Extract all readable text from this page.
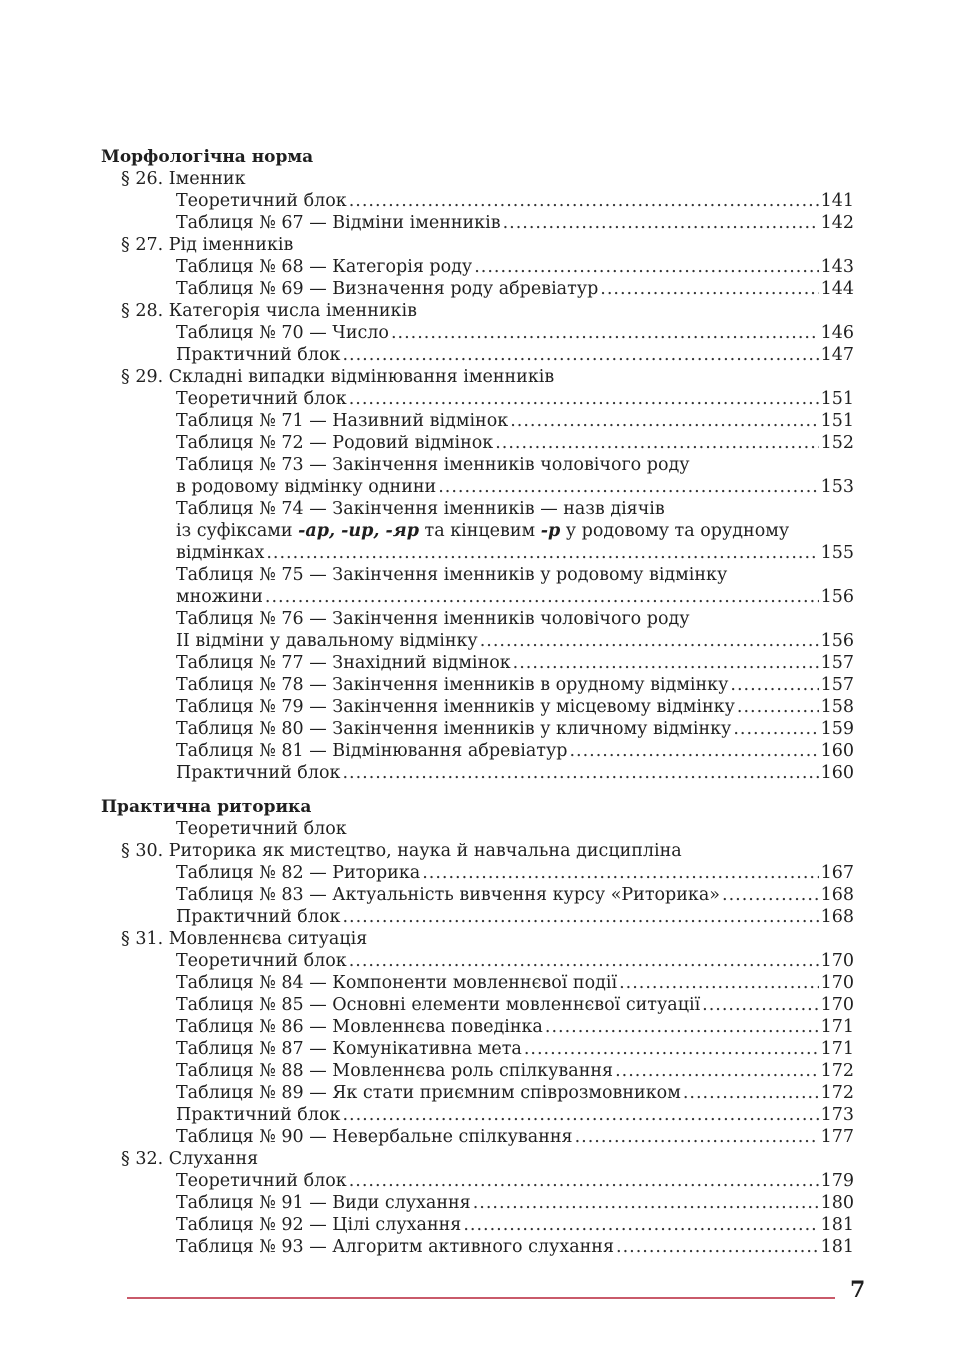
Морфологічна норма
§ 26. Іменник
Теоретичний блок .....	141
Таблиця № 67 — Відміни іменників .....	142
§ 27. Рід іменників
Таблиця № 68 — Категорія роду .....	143
Таблиця № 69 — Визначення роду абревіатур .....	144
§ 28. Категорія числа іменників
Таблиця № 70 — Число .....	146
Практичний блок .....	147
§ 29. Складні випадки відмінювання іменників
Теоретичний блок .....	151
Таблиця № 71 — Називний відмінок .....	151
Таблиця № 72 — Родовий відмінок .....	152
Таблиця № 73 — Закінчення іменників чоловічого роду
в родовому відмінку однини .....	153
Таблиця № 74 — Закінчення іменників — назв діячів
із суфіксами -ар, -ир, -яр та кінцевим -р у родовому та орудному
відмінках .....	155
Таблиця № 75 — Закінчення іменників у родовому відмінку
множини .....	156
Таблиця № 76 — Закінчення іменників чоловічого роду
II відміни у давальному відмінку .....	156
Таблиця № 77 — Знахідний відмінок .....	157
Таблиця № 78 — Закінчення іменників в орудному відмінку .....	157
Таблиця № 79 — Закінчення іменників у місцевому відмінку .....	158
Таблиця № 80 — Закінчення іменників у кличному відмінку .....	159
Таблиця № 81 — Відмінювання абревіатур .....	160
Практичний блок .....	160
Практична риторика
Теоретичний блок
§ 30. Риторика як мистецтво, наука й навчальна дисципліна
Таблиця № 82 — Риторика .....	167
Таблиця № 83 — Актуальність вивчення курсу «Риторика» .....	168
Практичний блок .....	168
§ 31. Мовленнєва ситуація
Теоретичний блок .....	170
Таблиця № 84 — Компоненти мовленнєвої події .....	170
Таблиця № 85 — Основні елементи мовленнєвої ситуації .....	170
Таблиця № 86 — Мовленнєва поведінка .....	171
Таблиця № 87 — Комунікативна мета .....	171
Таблиця № 88 — Мовленнєва роль спілкування .....	172
Таблиця № 89 — Як стати приємним співрозмовником .....	172
Практичний блок .....	173
Таблиця № 90 — Невербальне спілкування .....	177
§ 32. Слухання
Теоретичний блок .....	179
Таблиця № 91 — Види слухання .....	180
Таблиця № 92 — Цілі слухання .....	181
Таблиця № 93 — Алгоритм активного слухання .....	181
7
